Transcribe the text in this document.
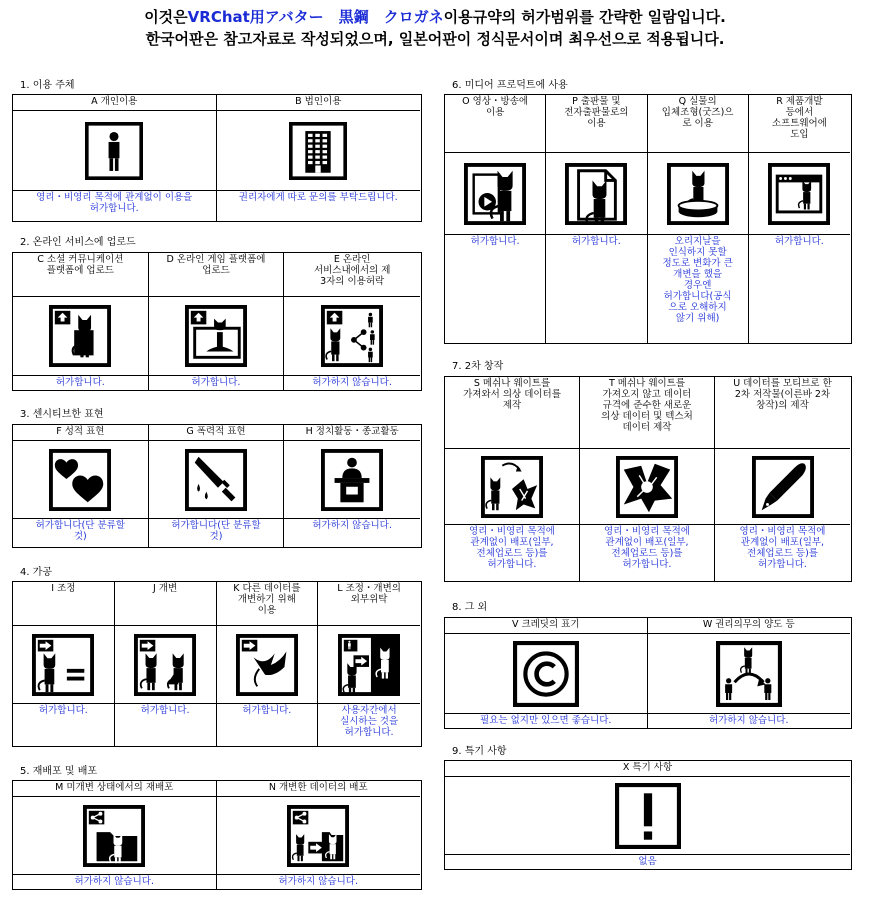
이것은VRChat用アバター　黒鋼　クロガネ이용규약의 허가범위를 간략한 일람입니다.
한국어판은 참고자료로 작성되었으며, 일본어판이 정식문서이며 최우선으로 적용됩니다.
1. 이용 주체
A 개인이용
영리・비영리 목적에 관계없이 이용을
허가합니다.
B 법인이용
권리자에게 따로 문의를 부탁드립니다.
2. 온라인 서비스에 업로드
C 소셜 커뮤니케이션
플랫폼에 업로드
허가합니다.
D 온라인 게임 플랫폼에
업로드
허가합니다.
E 온라인
서비스내에서의 제
3자의 이용허락
허가하지 않습니다.
3. 센시티브한 표현
F 성적 표현
허가합니다(단 분류할
것)
G 폭력적 표현
허가합니다(단 분류할
것)
H 정치활동・종교활동
허가하지 않습니다.
4. 가공
I 조정
허가합니다.
J 개변
허가합니다.
K 다른 데이터를
개변하기 위해
이용
허가합니다.
L 조정・개변의
외부위탁
사용자간에서
실시하는 것을
허가합니다.
5. 재배포 및 배포
M 미개변 상태에서의 재배포
허가하지 않습니다.
N 개변한 데이터의 배포
허가하지 않습니다.
6. 미디어 프로덕트에 사용
O 영상・방송에
이용
허가합니다.
P 출판물 및
전자출판물로의
이용
허가합니다.
Q 실물의
입체조형(굿즈)으
로 이용
오리지날을
인식하지 못할
정도로 변화가 큰
개변을 했을
경우엔
허가합니다(공식
으로 오해하지
않기 위해)
R 제품개발
등에서
소프트웨어에
도입
허가합니다.
7. 2차 창작
S 메쉬나 웨이트를
가져와서 의상 데이터를
제작
영리・비영리 목적에
관계없이 배포(일부,
전체업로드 등)를
허가합니다.
T 메쉬나 웨이트를
가져오지 않고 데이터
규격에 준수한 새로운
의상 데이터 및 텍스처
데이터 제작
영리・비영리 목적에
관계없이 배포(일부,
전체업로드 등)를
허가합니다.
U 데이터를 모티브로 한
2차 저작물(이른바 2차
창작)의 제작
영리・비영리 목적에
관계없이 배포(일부,
전체업로드 등)를
허가합니다.
8. 그 외
V 크레딧의 표기
필요는 없지만 있으면 좋습니다.
W 권리의무의 양도 등
허가하지 않습니다.
9. 특기 사항
X 특기 사항
없음
